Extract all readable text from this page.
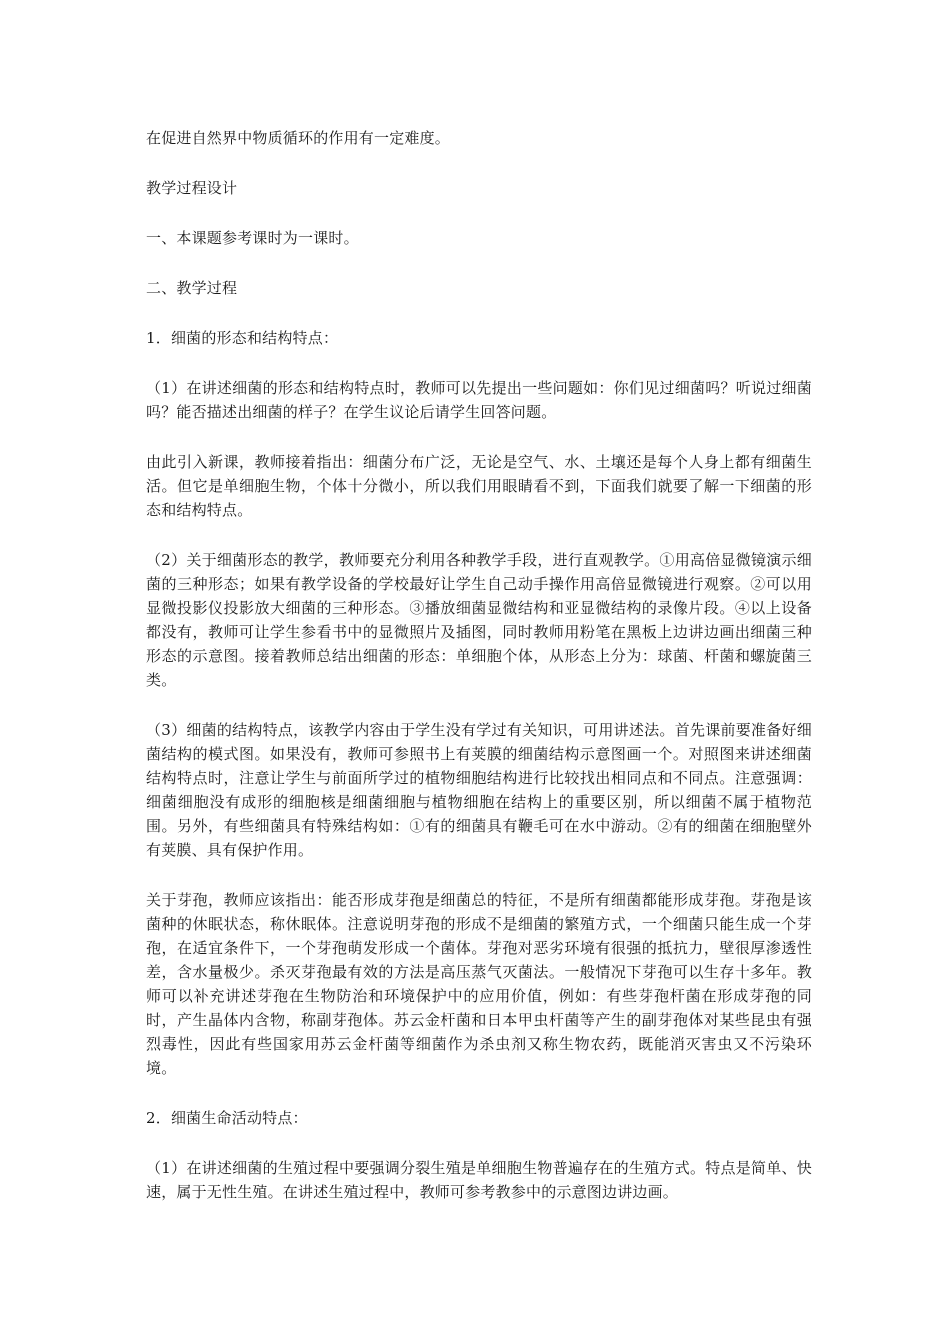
在促进自然界中物质循环的作用有一定难度。

教学过程设计

一、本课题参考课时为一课时。

二、教学过程

1．细菌的形态和结构特点：

（1）在讲述细菌的形态和结构特点时，教师可以先提出一些问题如：你们见过细菌吗？听说过细菌吗？能否描述出细菌的样子？在学生议论后请学生回答问题。

由此引入新课，教师接着指出：细菌分布广泛，无论是空气、水、土壤还是每个人身上都有细菌生活。但它是单细胞生物，个体十分微小，所以我们用眼睛看不到，下面我们就要了解一下细菌的形态和结构特点。

（2）关于细菌形态的教学，教师要充分利用各种教学手段，进行直观教学。①用高倍显微镜演示细菌的三种形态；如果有教学设备的学校最好让学生自己动手操作用高倍显微镜进行观察。②可以用显微投影仪投影放大细菌的三种形态。③播放细菌显微结构和亚显微结构的录像片段。④以上设备都没有，教师可让学生参看书中的显微照片及插图，同时教师用粉笔在黑板上边讲边画出细菌三种形态的示意图。接着教师总结出细菌的形态：单细胞个体，从形态上分为：球菌、杆菌和螺旋菌三类。

（3）细菌的结构特点，该教学内容由于学生没有学过有关知识，可用讲述法。首先课前要准备好细菌结构的模式图。如果没有，教师可参照书上有荚膜的细菌结构示意图画一个。对照图来讲述细菌结构特点时，注意让学生与前面所学过的植物细胞结构进行比较找出相同点和不同点。注意强调：细菌细胞没有成形的细胞核是细菌细胞与植物细胞在结构上的重要区别，所以细菌不属于植物范围。另外，有些细菌具有特殊结构如：①有的细菌具有鞭毛可在水中游动。②有的细菌在细胞壁外有荚膜、具有保护作用。

关于芽孢，教师应该指出：能否形成芽孢是细菌总的特征，不是所有细菌都能形成芽孢。芽孢是该菌种的休眠状态，称休眠体。注意说明芽孢的形成不是细菌的繁殖方式，一个细菌只能生成一个芽孢，在适宜条件下，一个芽孢萌发形成一个菌体。芽孢对恶劣环境有很强的抵抗力，壁很厚渗透性差，含水量极少。杀灭芽孢最有效的方法是高压蒸气灭菌法。一般情况下芽孢可以生存十多年。教师可以补充讲述芽孢在生物防治和环境保护中的应用价值，例如：有些芽孢杆菌在形成芽孢的同时，产生晶体内含物，称副芽孢体。苏云金杆菌和日本甲虫杆菌等产生的副芽孢体对某些昆虫有强烈毒性，因此有些国家用苏云金杆菌等细菌作为杀虫剂又称生物农药，既能消灭害虫又不污染环境。

2．细菌生命活动特点：

（1）在讲述细菌的生殖过程中要强调分裂生殖是单细胞生物普遍存在的生殖方式。特点是简单、快速，属于无性生殖。在讲述生殖过程中，教师可参考教参中的示意图边讲边画。
